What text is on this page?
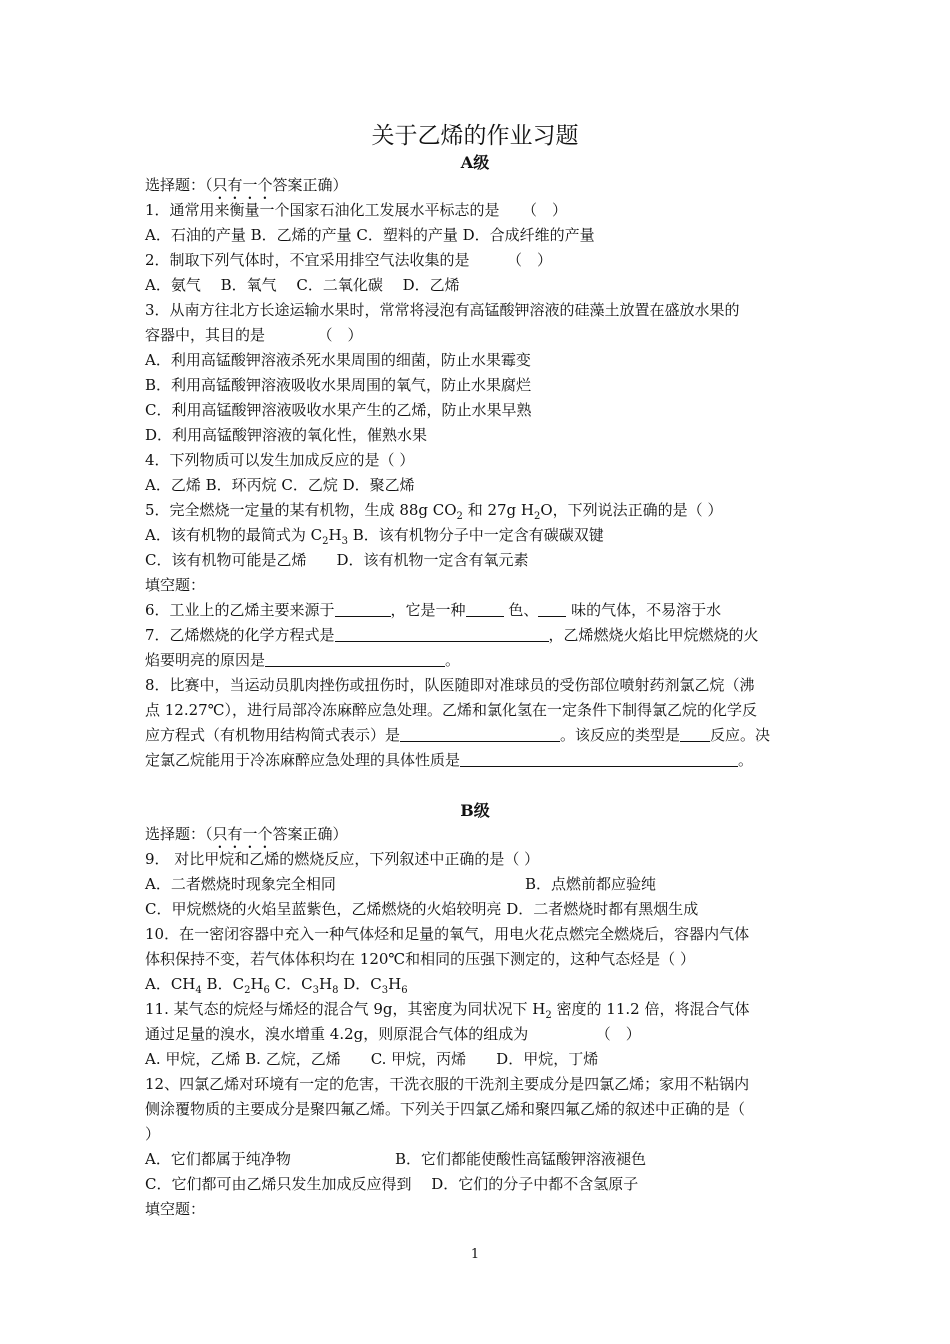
关于乙烯的作业习题
A级
选择题：（只有一个答案正确）
1．通常用来衡量一个国家石油化工发展水平标志的是　　（　）
A．石油的产量 B．乙烯的产量 C．塑料的产量 D．合成纤维的产量
2．制取下列气体时，不宜采用排空气法收集的是　　　（　）
A．氨气　 B．氧气　 C．二氧化碳　 D．乙烯
3．从南方往北方长途运输水果时，常常将浸泡有高锰酸钾溶液的硅藻土放置在盛放水果的
容器中，其目的是　　　　（　）
A．利用高锰酸钾溶液杀死水果周围的细菌，防止水果霉变
B．利用高锰酸钾溶液吸收水果周围的氧气，防止水果腐烂
C．利用高锰酸钾溶液吸收水果产生的乙烯，防止水果早熟
D．利用高锰酸钾溶液的氧化性，催熟水果
4．下列物质可以发生加成反应的是（ ）
A．乙烯 B．环丙烷 C．乙烷 D．聚乙烯
5．完全燃烧一定量的某有机物，生成 88g $CO_2$ 和 27g $H_2O$，下列说法正确的是（ ）
A．该有机物的最简式为 $C_2H_3$ B．该有机物分子中一定含有碳碳双键
C．该有机物可能是乙烯　　D．该有机物一定含有氧元素
填空题：
6．工业上的乙烯主要来源于	，它是一种	色、 味的气体，不易溶于水
7．乙烯燃烧的化学方程式是	，乙烯燃烧火焰比甲烷燃烧的火
焰要明亮的原因是	。
8．比赛中，当运动员肌肉挫伤或扭伤时，队医随即对准球员的受伤部位喷射药剂氯乙烷（沸
点 12.27℃），进行局部冷冻麻醉应急处理。乙烯和氯化氢在一定条件下制得氯乙烷的化学反
应方程式（有机物用结构简式表示）是	。该反应的类型是 反应。决
定氯乙烷能用于冷冻麻醉应急处理的具体性质是	。
B级
选择题：（只有一个答案正确）
9． 对比甲烷和乙烯的燃烧反应，下列叙述中正确的是（ ）
A．二者燃烧时现象完全相同	B．点燃前都应验纯
C．甲烷燃烧的火焰呈蓝紫色，乙烯燃烧的火焰较明亮 D．二者燃烧时都有黑烟生成
10．在一密闭容器中充入一种气体烃和足量的氧气，用电火花点燃完全燃烧后，容器内气体
体积保持不变，若气体体积均在 120℃和相同的压强下测定的，这种气态烃是（ ）
A．$CH_4$ B．$C_2H_6$ C．$C_3H_8$ D．$C_3H_6$
11. 某气态的烷烃与烯烃的混合气 9g，其密度为同状况下 $H_2$ 密度的 11.2 倍，将混合气体
通过足量的溴水，溴水增重 4.2g，则原混合气体的组成为　　　　　（　）
A. 甲烷，乙烯 B. 乙烷，乙烯　　C. 甲烷，丙烯　　D．甲烷，丁烯
12、四氯乙烯对环境有一定的危害，干洗衣服的干洗剂主要成分是四氯乙烯；家用不粘锅内
侧涂覆物质的主要成分是聚四氟乙烯。下列关于四氯乙烯和聚四氟乙烯的叙述中正确的是（
）
A．它们都属于纯净物	B．它们都能使酸性高锰酸钾溶液褪色
C．它们都可由乙烯只发生加成反应得到　 D．它们的分子中都不含氢原子
填空题：
1
